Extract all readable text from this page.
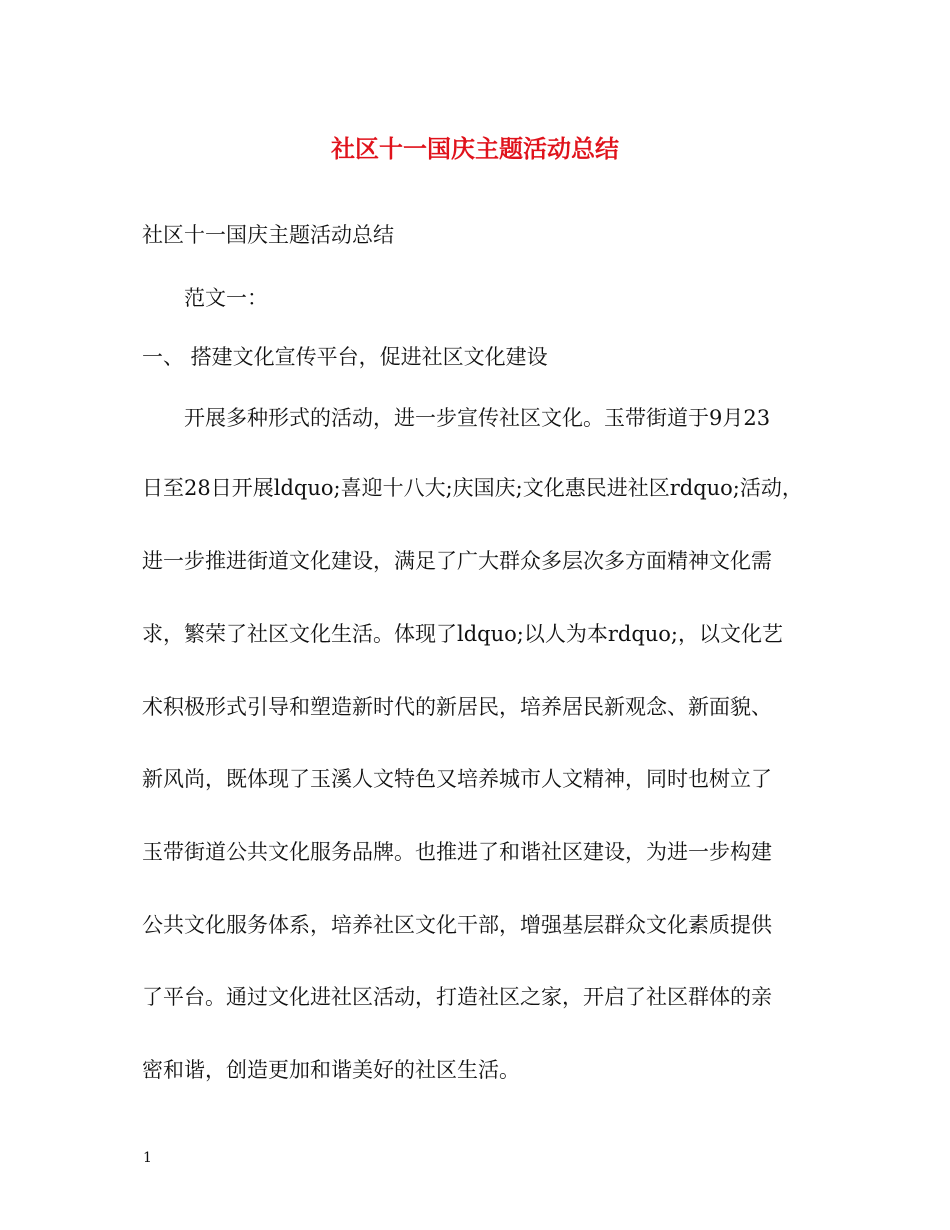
社区十一国庆主题活动总结
社区十一国庆主题活动总结
范文一：
一、 搭建文化宣传平台，促进社区文化建设
开展多种形式的活动，进一步宣传社区文化。玉带街道于9月23
日至28日开展ldquo;喜迎十八大;庆国庆;文化惠民进社区rdquo;活动，
进一步推进街道文化建设，满足了广大群众多层次多方面精神文化需
求，繁荣了社区文化生活。体现了ldquo;以人为本rdquo;，以文化艺
术积极形式引导和塑造新时代的新居民，培养居民新观念、新面貌、
新风尚，既体现了玉溪人文特色又培养城市人文精神，同时也树立了
玉带街道公共文化服务品牌。也推进了和谐社区建设，为进一步构建
公共文化服务体系，培养社区文化干部，增强基层群众文化素质提供
了平台。通过文化进社区活动，打造社区之家，开启了社区群体的亲
密和谐，创造更加和谐美好的社区生活。
1
